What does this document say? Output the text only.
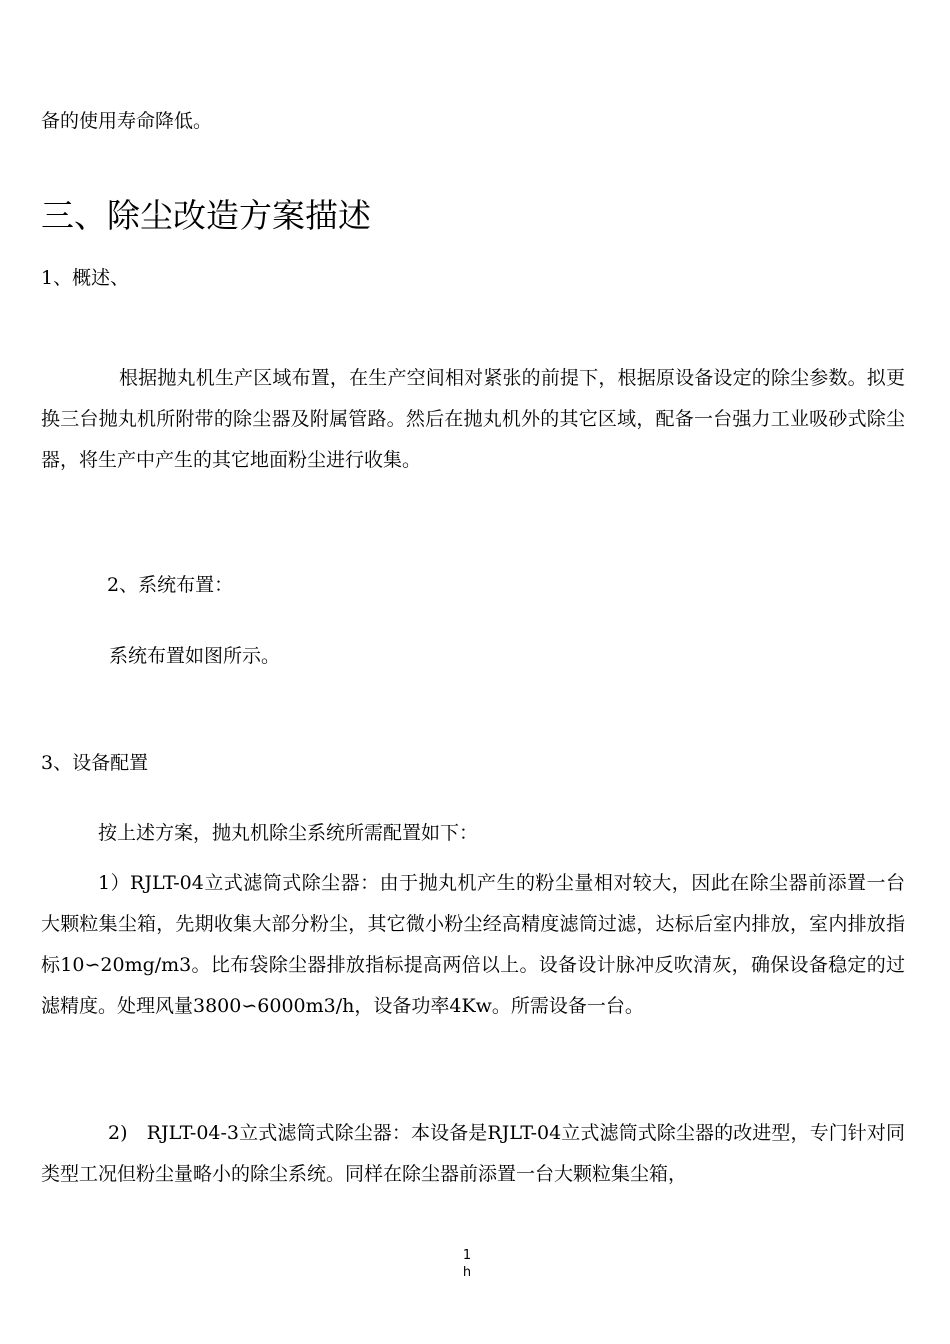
备的使用寿命降低。

三、除尘改造方案描述

1、概述、

根据抛丸机生产区域布置，在生产空间相对紧张的前提下，根据原设备设定的除尘参数。拟更换三台抛丸机所附带的除尘器及附属管路。然后在抛丸机外的其它区域，配备一台强力工业吸砂式除尘器，将生产中产生的其它地面粉尘进行收集。

2、系统布置：

系统布置如图所示。

3、设备配置

按上述方案，抛丸机除尘系统所需配置如下：

1）RJLT-04立式滤筒式除尘器：由于抛丸机产生的粉尘量相对较大，因此在除尘器前添置一台大颗粒集尘箱，先期收集大部分粉尘，其它微小粉尘经高精度滤筒过滤，达标后室内排放，室内排放指标10∽20mg/m3。比布袋除尘器排放指标提高两倍以上。设备设计脉冲反吹清灰，确保设备稳定的过滤精度。处理风量3800∽6000m3/h，设备功率4Kw。所需设备一台。

2)　RJLT-04-3立式滤筒式除尘器：本设备是RJLT-04立式滤筒式除尘器的改进型，专门针对同类型工况但粉尘量略小的除尘系统。同样在除尘器前添置一台大颗粒集尘箱，

1
h
